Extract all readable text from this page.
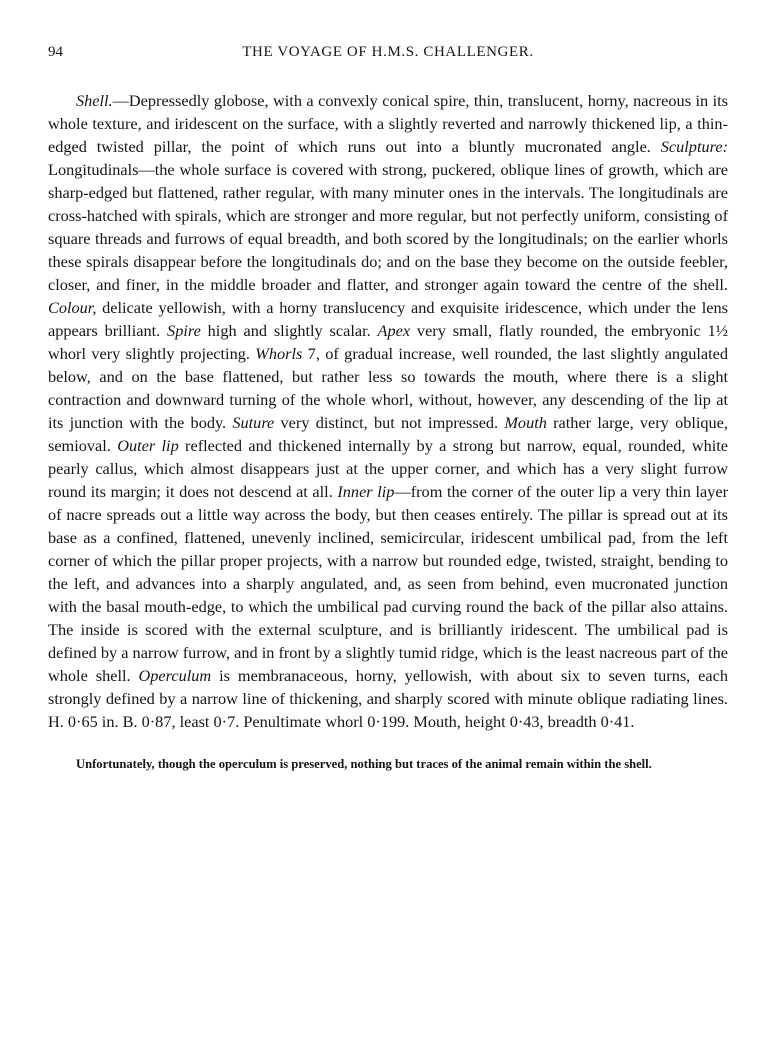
94	THE VOYAGE OF H.M.S. CHALLENGER.

Shell.—Depressedly globose, with a convexly conical spire, thin, translucent, horny, nacreous in its whole texture, and iridescent on the surface, with a slightly reverted and narrowly thickened lip, a thin-edged twisted pillar, the point of which runs out into a bluntly mucronated angle. Sculpture: Longitudinals—the whole surface is covered with strong, puckered, oblique lines of growth, which are sharp-edged but flattened, rather regular, with many minuter ones in the intervals. The longitudinals are cross-hatched with spirals, which are stronger and more regular, but not perfectly uniform, consisting of square threads and furrows of equal breadth, and both scored by the longitudinals; on the earlier whorls these spirals disappear before the longitudinals do; and on the base they become on the outside feebler, closer, and finer, in the middle broader and flatter, and stronger again toward the centre of the shell. Colour, delicate yellowish, with a horny translucency and exquisite iridescence, which under the lens appears brilliant. Spire high and slightly scalar. Apex very small, flatly rounded, the embryonic 1½ whorl very slightly projecting. Whorls 7, of gradual increase, well rounded, the last slightly angulated below, and on the base flattened, but rather less so towards the mouth, where there is a slight contraction and downward turning of the whole whorl, without, however, any descending of the lip at its junction with the body. Suture very distinct, but not impressed. Mouth rather large, very oblique, semioval. Outer lip reflected and thickened internally by a strong but narrow, equal, rounded, white pearly callus, which almost disappears just at the upper corner, and which has a very slight furrow round its margin; it does not descend at all. Inner lip—from the corner of the outer lip a very thin layer of nacre spreads out a little way across the body, but then ceases entirely. The pillar is spread out at its base as a confined, flattened, unevenly inclined, semicircular, iridescent umbilical pad, from the left corner of which the pillar proper projects, with a narrow but rounded edge, twisted, straight, bending to the left, and advances into a sharply angulated, and, as seen from behind, even mucronated junction with the basal mouth-edge, to which the umbilical pad curving round the back of the pillar also attains. The inside is scored with the external sculpture, and is brilliantly iridescent. The umbilical pad is defined by a narrow furrow, and in front by a slightly tumid ridge, which is the least nacreous part of the whole shell. Operculum is membranaceous, horny, yellowish, with about six to seven turns, each strongly defined by a narrow line of thickening, and sharply scored with minute oblique radiating lines. H. 0·65 in. B. 0·87, least 0·7. Penultimate whorl 0·199. Mouth, height 0·43, breadth 0·41.

Unfortunately, though the operculum is preserved, nothing but traces of the animal remain within the shell.
